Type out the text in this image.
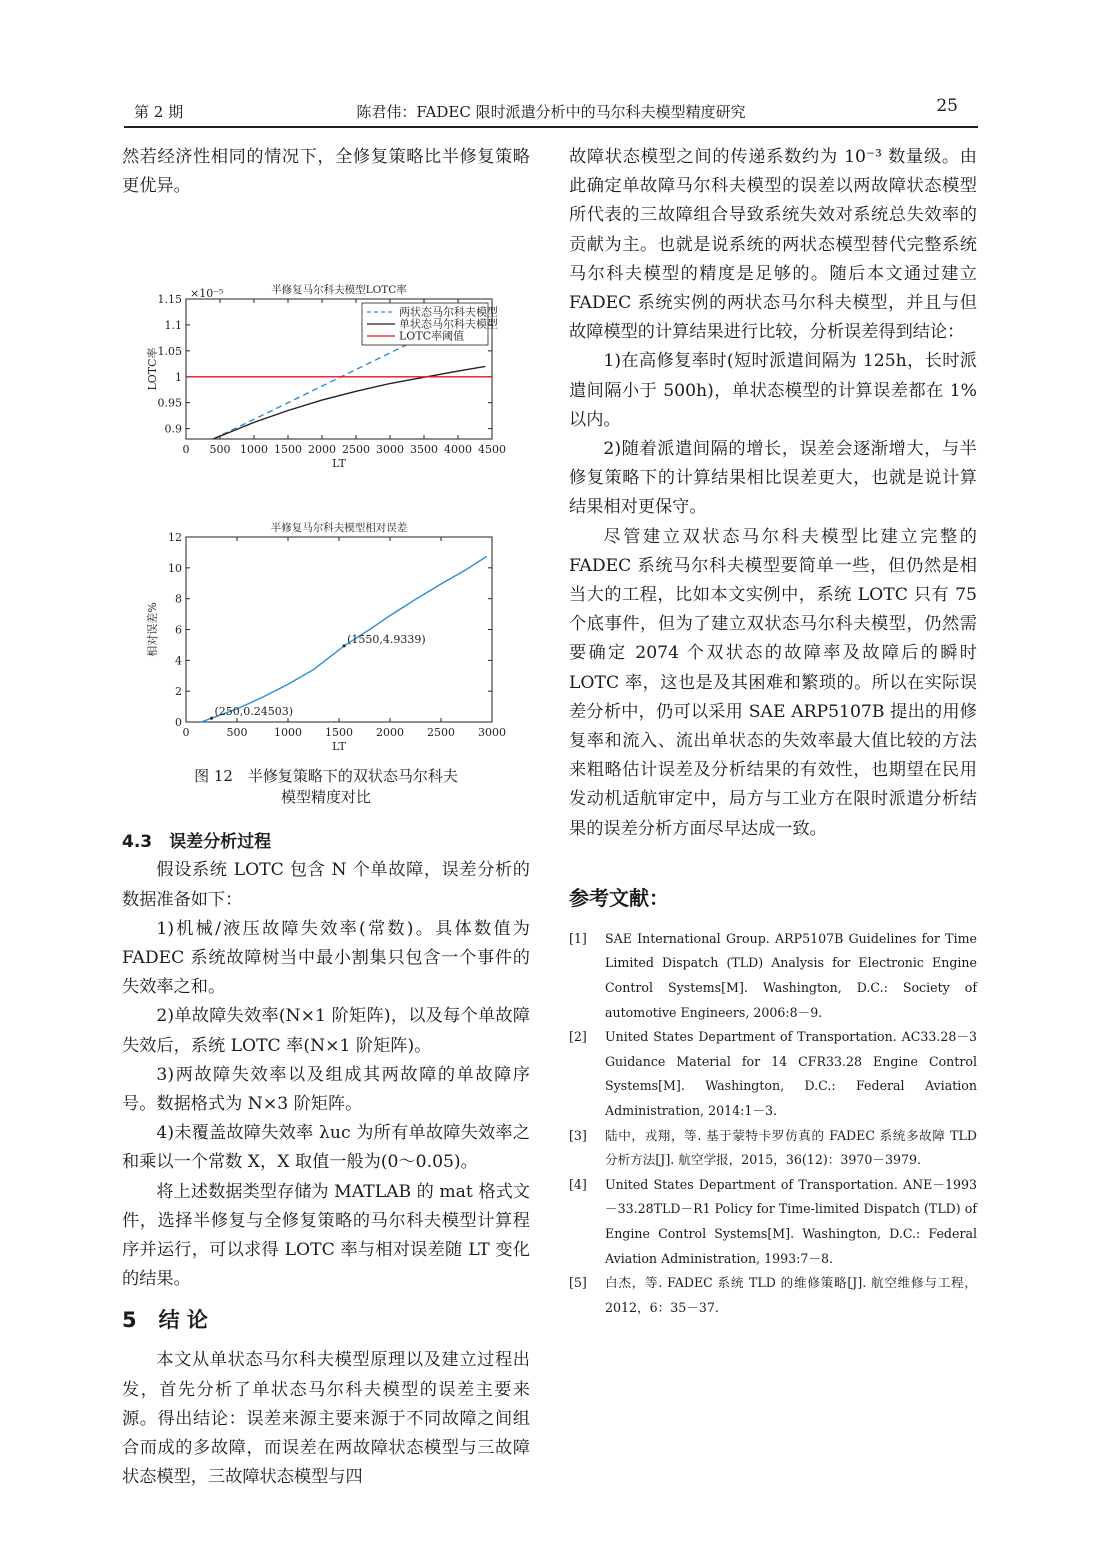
第 2 期	陈君伟：FADEC 限时派遣分析中的马尔科夫模型精度研究	25

然若经济性相同的情况下，全修复策略比半修复策略更优异。

半修复马尔科夫模型LOTC率
0 500 1000 1500 2000 2500 3000 3500 4000 4500
0.9
0.95
1
1.05
1.1
1.15
LT
LOTC率
×10⁻⁵
两状态马尔科夫模型
单状态马尔科夫模型
LOTC率阈值
半修复马尔科夫模型相对误差
0	500 1000 1500 2000 2500 3000
0
2
4
6
8
10
12
LT
相对误差%
(250,0.24503)
(1550,4.9339)
图 12　半修复策略下的双状态马尔科夫
模型精度对比
4.3　误差分析过程

假设系统 LOTC 包含 N 个单故障，误差分析的数据准备如下：

1)机械/液压故障失效率(常数)。具体数值为 FADEC 系统故障树当中最小割集只包含一个事件的失效率之和。

2)单故障失效率(N×1 阶矩阵)，以及每个单故障失效后，系统 LOTC 率(N×1 阶矩阵)。

3)两故障失效率以及组成其两故障的单故障序号。数据格式为 N×3 阶矩阵。

4)未覆盖故障失效率 λuc 为所有单故障失效率之和乘以一个常数 X，X 取值一般为(0～0.05)。

将上述数据类型存储为 MATLAB 的 mat 格式文件，选择半修复与全修复策略的马尔科夫模型计算程序并运行，可以求得 LOTC 率与相对误差随 LT 变化的结果。

5 结 论

本文从单状态马尔科夫模型原理以及建立过程出发，首先分析了单状态马尔科夫模型的误差主要来源。得出结论：误差来源主要来源于不同故障之间组合而成的多故障，而误差在两故障状态模型与三故障状态模型，三故障状态模型与四

故障状态模型之间的传递系数约为 10⁻³ 数量级。由此确定单故障马尔科夫模型的误差以两故障状态模型所代表的三故障组合导致系统失效对系统总失效率的贡献为主。也就是说系统的两状态模型替代完整系统马尔科夫模型的精度是足够的。随后本文通过建立 FADEC 系统实例的两状态马尔科夫模型，并且与但故障模型的计算结果进行比较，分析误差得到结论：

1)在高修复率时(短时派遣间隔为 125h，长时派遣间隔小于 500h)，单状态模型的计算误差都在 1%以内。

2)随着派遣间隔的增长，误差会逐渐增大，与半修复策略下的计算结果相比误差更大，也就是说计算结果相对更保守。

尽管建立双状态马尔科夫模型比建立完整的 FADEC 系统马尔科夫模型要简单一些，但仍然是相当大的工程，比如本文实例中，系统 LOTC 只有 75 个底事件，但为了建立双状态马尔科夫模型，仍然需要确定 2074 个双状态的故障率及故障后的瞬时 LOTC 率，这也是及其困难和繁琐的。所以在实际误差分析中，仍可以采用 SAE ARP5107B 提出的用修复率和流入、流出单状态的失效率最大值比较的方法来粗略估计误差及分析结果的有效性，也期望在民用发动机适航审定中，局方与工业方在限时派遣分析结果的误差分析方面尽早达成一致。

参考文献：
[1] SAE International Group. ARP5107B Guidelines for Time Limited Dispatch (TLD) Analysis for Electronic Engine Control Systems[M]. Washington, D.C.: Society of automotive Engineers, 2006:8－9.
[2] United States Department of Transportation. AC33.28－3 Guidance Material for 14 CFR33.28 Engine Control Systems[M]. Washington, D.C.: Federal Aviation Administration, 2014:1－3.
[3] 陆中，戎翔，等. 基于蒙特卡罗仿真的 FADEC 系统多故障 TLD 分析方法[J]. 航空学报，2015，36(12)：3970－3979.
[4] United States Department of Transportation. ANE－1993－33.28TLD－R1 Policy for Time-limited Dispatch (TLD) of Engine Control Systems[M]. Washington, D.C.: Federal Aviation Administration, 1993:7－8.
[5] 白杰，等. FADEC 系统 TLD 的维修策略[J]. 航空维修与工程，2012，6：35－37.
